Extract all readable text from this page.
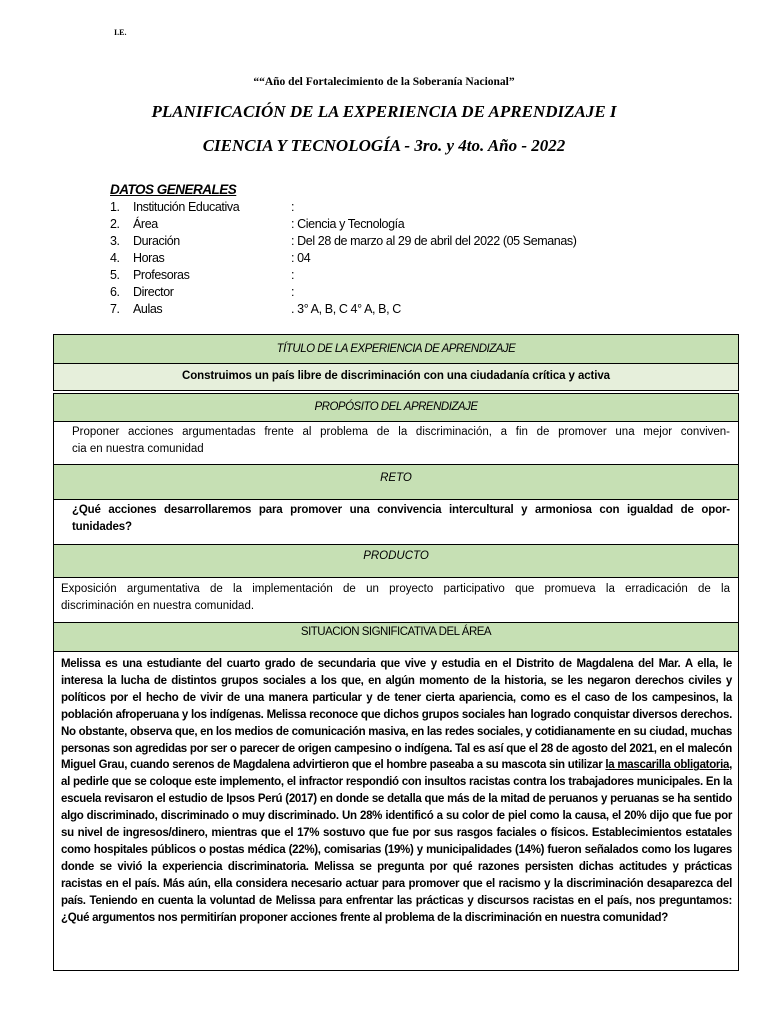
I.E.
““Año del Fortalecimiento de la Soberanía Nacional”
PLANIFICACIÓN DE LA EXPERIENCIA DE APRENDIZAJE I
CIENCIA Y TECNOLOGÍA - 3ro. y 4to. Año - 2022
DATOS GENERALES
1. Institución Educativa	:
2. Área	: Ciencia y Tecnología
3. Duración	: Del 28 de marzo al 29 de abril del 2022 (05 Semanas)
4. Horas	: 04
5. Profesoras	:
6. Director	:
7. Aulas	. 3° A, B, C 4° A, B, C
TÍTULO DE LA EXPERIENCIA DE APRENDIZAJE
Construimos un país libre de discriminación con una ciudadanía crítica y activa
PROPÓSITO DEL APRENDIZAJE
Proponer acciones argumentadas frente al problema de la discriminación, a fin de promover una mejor conviven-
cia en nuestra comunidad
RETO
¿Qué acciones desarrollaremos para promover una convivencia intercultural y armoniosa con igualdad de opor-
tunidades?
PRODUCTO
Exposición argumentativa de la implementación de un proyecto participativo que promueva la erradicación de la
discriminación en nuestra comunidad.
SITUACION SIGNIFICATIVA DEL ÁREA
Melissa es una estudiante del cuarto grado de secundaria que vive y estudia en el Distrito de Magdalena del Mar. A ella, le interesa la lucha de distintos grupos sociales a los que, en algún momento de la historia, se les negaron derechos civiles y políticos por el hecho de vivir de una manera particular y de tener cierta apariencia, como es el caso de los campesinos, la población afroperuana y los indígenas. Melissa reconoce que dichos grupos sociales han logrado conquistar diversos derechos. No obstante, observa que, en los medios de comunicación masiva, en las redes sociales, y cotidianamente en su ciudad, muchas personas son agredidas por ser o parecer de origen campesino o indígena. Tal es así que el 28 de agosto del 2021, en el malecón Miguel Grau, cuando serenos de Magdalena advirtieron que el hombre paseaba a su mascota sin utilizar la mascarilla obligatoria, al pedirle que se coloque este implemento, el infractor respondió con insultos racistas contra los trabajadores municipales. En la escuela revisaron el estudio de Ipsos Perú (2017) en donde se detalla que más de la mitad de peruanos y peruanas se ha sentido algo discriminado, discriminado o muy discriminado. Un 28% identificó a su color de piel como la causa, el 20% dijo que fue por su nivel de ingresos/dinero, mientras que el 17% sostuvo que fue por sus rasgos faciales o físicos. Establecimientos estatales como hospitales públicos o postas médica (22%), comisarias (19%) y municipalidades (14%) fueron señalados como los lugares donde se vivió la experiencia discriminatoria. Melissa se pregunta por qué razones persisten dichas actitudes y prácticas racistas en el país. Más aún, ella considera necesario actuar para promover que el racismo y la discriminación desaparezca del país. Teniendo en cuenta la voluntad de Melissa para enfrentar las prácticas y discursos racistas en el país, nos preguntamos: ¿Qué argumentos nos permitirían proponer acciones frente al problema de la discriminación en nuestra comunidad?
